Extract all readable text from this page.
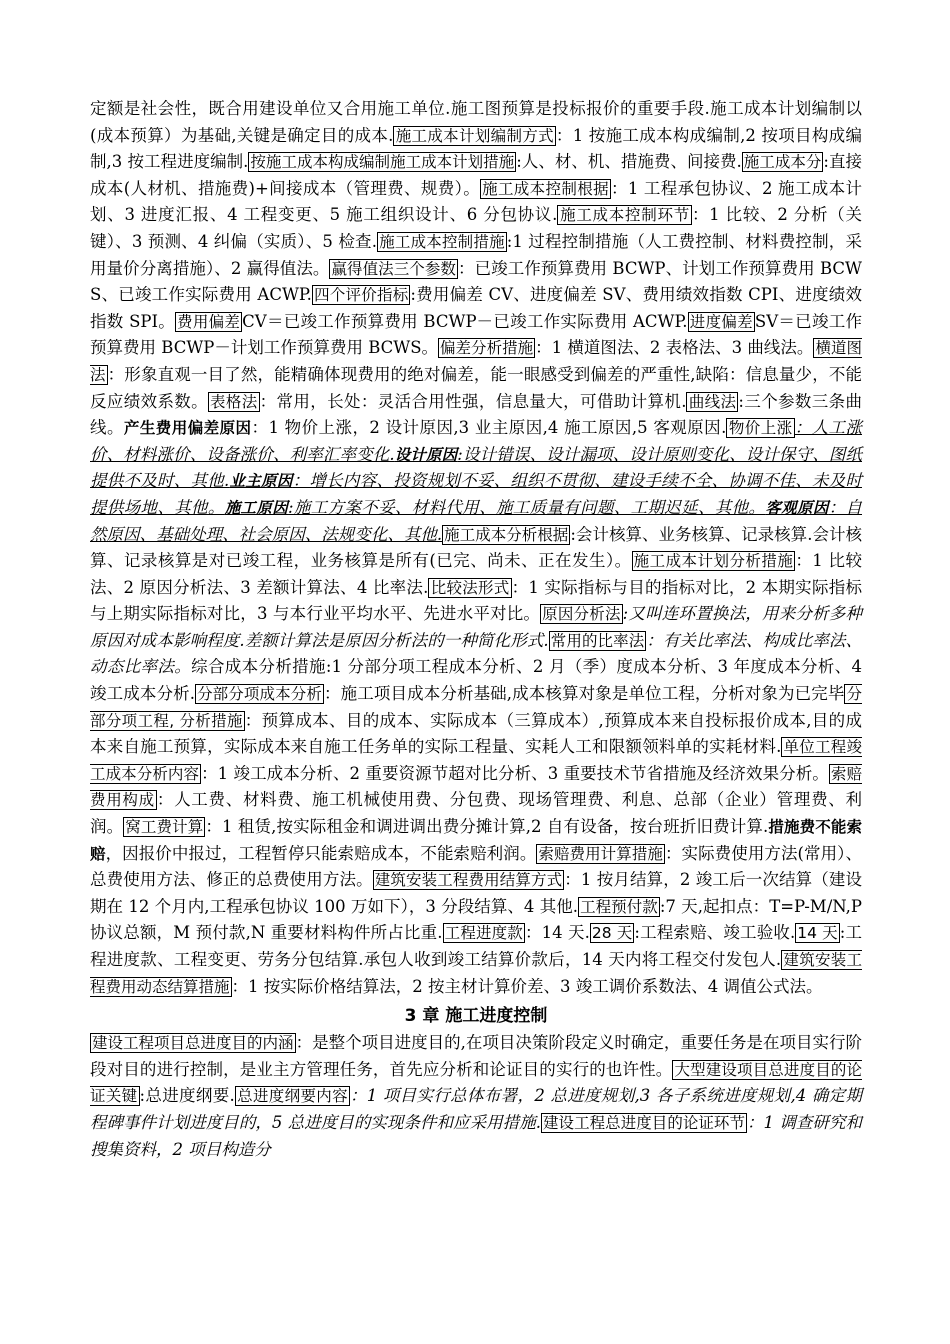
定额是社会性，既合用建设单位又合用施工单位.施工图预算是投标报价的重要手段.施工成本计划编制以(成本预算）为基础,关键是确定目的成本. 施工成本计划编制方式 ：1 按施工成本构成编制,2 按项目构成编制,3 按工程进度编制. 按施工成本构成编制施工成本计划措施 :人、材、机、措施费、间接费. 施工成本分 :直接成本(人材机、措施费)+间接成本（管理费、规费）。 施工成本控制根据 ：1 工程承包协议、2 施工成本计划、3 进度汇报、4 工程变更、5 施工组织设计、6 分包协议. 施工成本控制环节 ：1 比较、2 分析（关键）、3 预测、4 纠偏（实质）、5 检查. 施工成本控制措施 :1 过程控制措施（人工费控制、材料费控制，采用量价分离措施）、2 赢得值法。 赢得值法三个参数 ：已竣工作预算费用 BCWP、计划工作预算费用 BCWS、已竣工作实际费用 ACWP. 四个评价指标 :费用偏差 CV、进度偏差 SV、费用绩效指数 CPI、进度绩效指数 SPI。 费用偏差 CV＝已竣工作预算费用 BCWP－已竣工作实际费用 ACWP. 进度偏差 SV＝已竣工作预算费用 BCWP－计划工作预算费用 BCWS。 偏差分析措施 ：1 横道图法、2 表格法、3 曲线法。 横道图法 ：形象直观一目了然，能精确体现费用的绝对偏差，能一眼感受到偏差的严重性,缺陷：信息量少，不能反应绩效系数。 表格法 ：常用，长处：灵活合用性强，信息量大，可借助计算机. 曲线法 :三个参数三条曲线。产生费用偏差原因：1 物价上涨，2 设计原因,3 业主原因,4 施工原因,5 客观原因. 物价上涨 ：人工涨价、材料涨价、设备涨价、利率汇率变化.设计原因:设计错误、设计漏项、设计原则变化、设计保守、图纸提供不及时、其他.业主原因：增长内容、投资规划不妥、组织不贯彻、建设手续不全、协调不佳、未及时提供场地、其他。施工原因:施工方案不妥、材料代用、施工质量有问题、工期迟延、其他。客观原因：自然原因、基础处理、社会原因、法规变化、其他. 施工成本分析根据 :会计核算、业务核算、记录核算.会计核算、记录核算是对已竣工程，业务核算是所有(已完、尚未、正在发生）。 施工成本计划分析措施 ：1 比较法、2 原因分析法、3 差额计算法、4 比率法. 比较法形式 ：1 实际指标与目的指标对比，2 本期实际指标与上期实际指标对比，3 与本行业平均水平、先进水平对比。 原因分析法 :又叫连环置换法，用来分析多种原因对成本影响程度.差额计算法是原因分析法的一种简化形式. 常用的比率法 ：有关比率法、构成比率法、动态比率法。综合成本分析措施:1 分部分项工程成本分析、2 月（季）度成本分析、3 年度成本分析、4 竣工成本分析. 分部分项成本分析 ：施工项目成本分析基础,成本核算对象是单位工程，分析对象为已完毕 分部分项工程, 分析措施 ：预算成本、目的成本、实际成本（三算成本）,预算成本来自投标报价成本,目的成本来自施工预算，实际成本来自施工任务单的实际工程量、实耗人工和限额领料单的实耗材料. 单位工程竣工成本分析内容 ：1 竣工成本分析、2 重要资源节超对比分析、3 重要技术节省措施及经济效果分析。 索赔费用构成 ：人工费、材料费、施工机械使用费、分包费、现场管理费、利息、总部（企业）管理费、利润。 窝工费计算 ：1 租赁,按实际租金和调进调出费分摊计算,2 自有设备，按台班折旧费计算.措施费不能索赔，因报价中报过，工程暂停只能索赔成本，不能索赔利润。 索赔费用计算措施 ：实际费使用方法(常用）、总费使用方法、修正的总费使用方法。 建筑安装工程费用结算方式 ：1 按月结算，2 竣工后一次结算（建设期在 12 个月内,工程承包协议 100 万如下），3 分段结算、4 其他. 工程预付款 :7 天,起扣点：T=P-M/N,P 协议总额，M 预付款,N 重要材料构件所占比重. 工程进度款 ：14 天. 28 天 :工程索赔、竣工验收. 14 天 :工程进度款、工程变更、劳务分包结算.承包人收到竣工结算价款后，14 天内将工程交付发包人. 建筑安装工程费用动态结算措施 ：1 按实际价格结算法，2 按主材计算价差、3 竣工调价系数法、4 调值公式法。
3 章 施工进度控制
建设工程项目总进度目的内涵 ：是整个项目进度目的,在项目决策阶段定义时确定，重要任务是在项目实行阶段对目的进行控制，是业主方管理任务，首先应分析和论证目的实行的也许性。 大型建设项目总进度目的论证关键 :总进度纲要. 总进度纲要内容 ：1 项目实行总体布署，2 总进度规划,3 各子系统进度规划,4 确定期程碑事件计划进度目的，5 总进度目的实现条件和应采用措施. 建设工程总进度目的论证环节 ：1 调查研究和搜集资料，2 项目构造分
